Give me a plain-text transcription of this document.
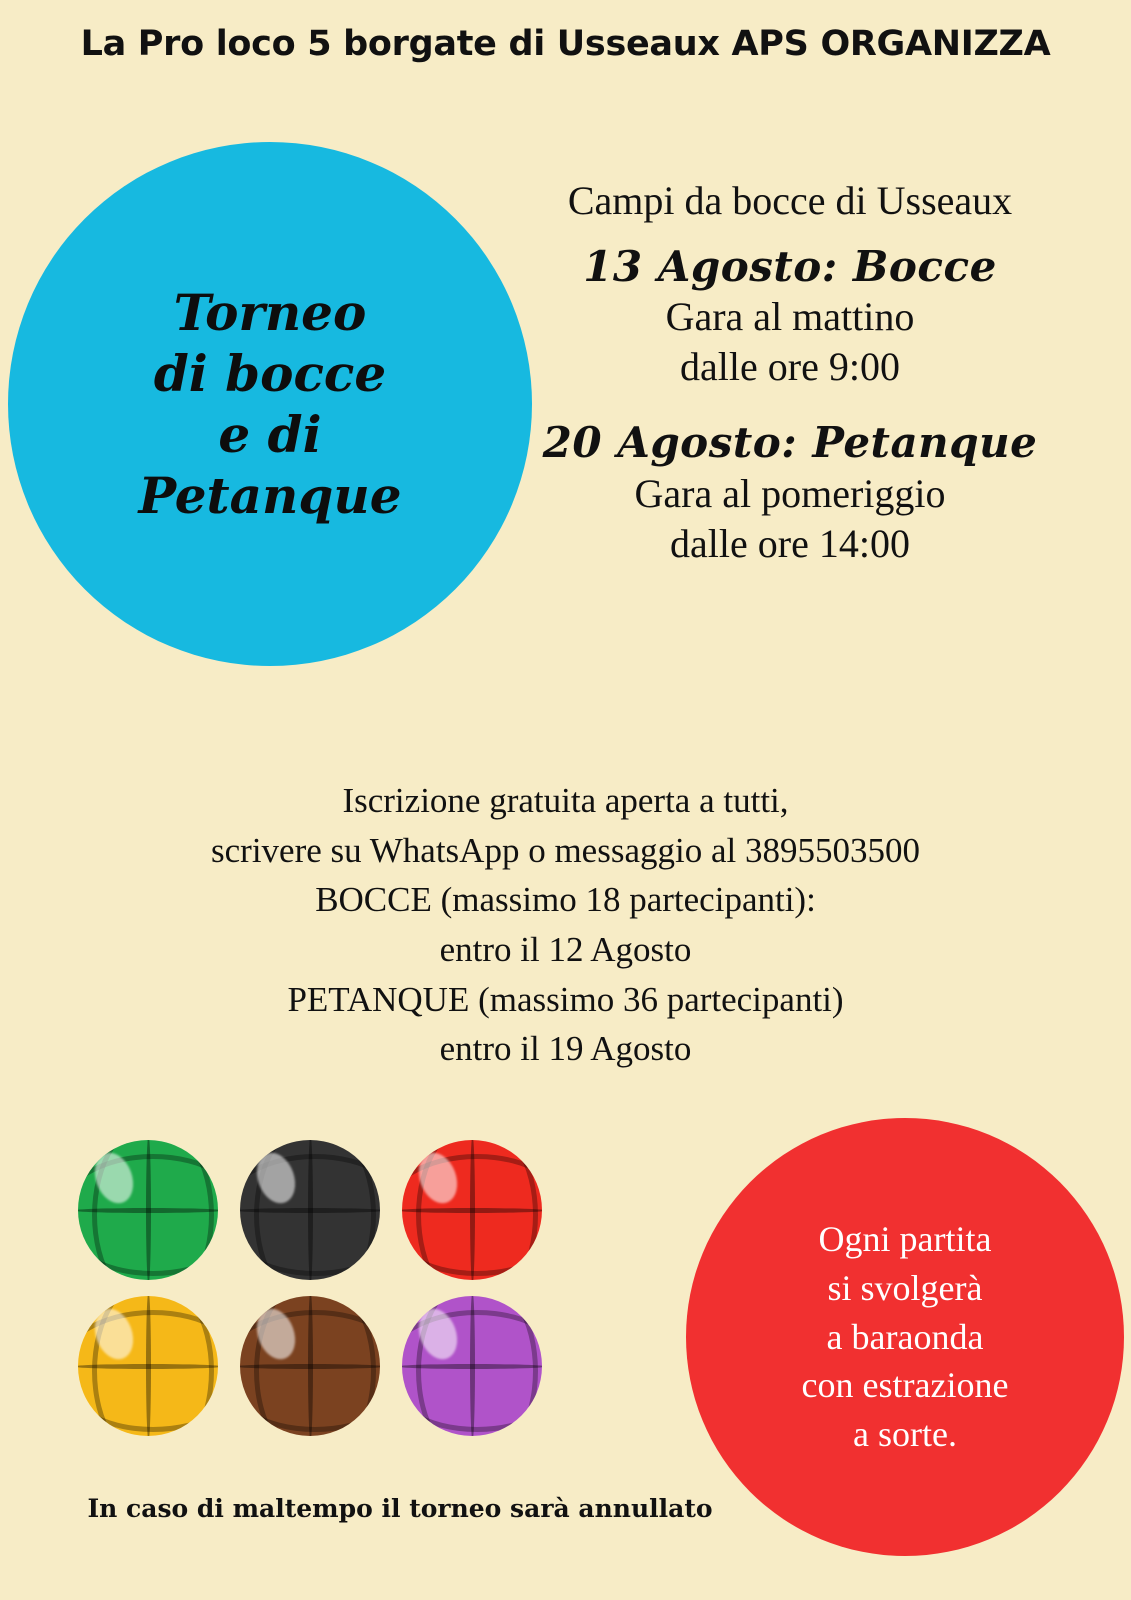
La Pro loco 5 borgate di Usseaux APS ORGANIZZA
Torneo
di bocce
e di
Petanque
Campi da bocce di Usseaux
13 Agosto: Bocce
Gara al mattino
dalle ore 9:00
20 Agosto: Petanque
Gara al pomeriggio
dalle ore 14:00
Iscrizione gratuita aperta a tutti,
scrivere su WhatsApp o messaggio al 3895503500
BOCCE (massimo 18 partecipanti):
entro il 12 Agosto
PETANQUE (massimo 36 partecipanti)
entro il 19 Agosto
Ogni partita
si svolgerà
a baraonda
con estrazione
a sorte.
In caso di maltempo il torneo sarà annullato
